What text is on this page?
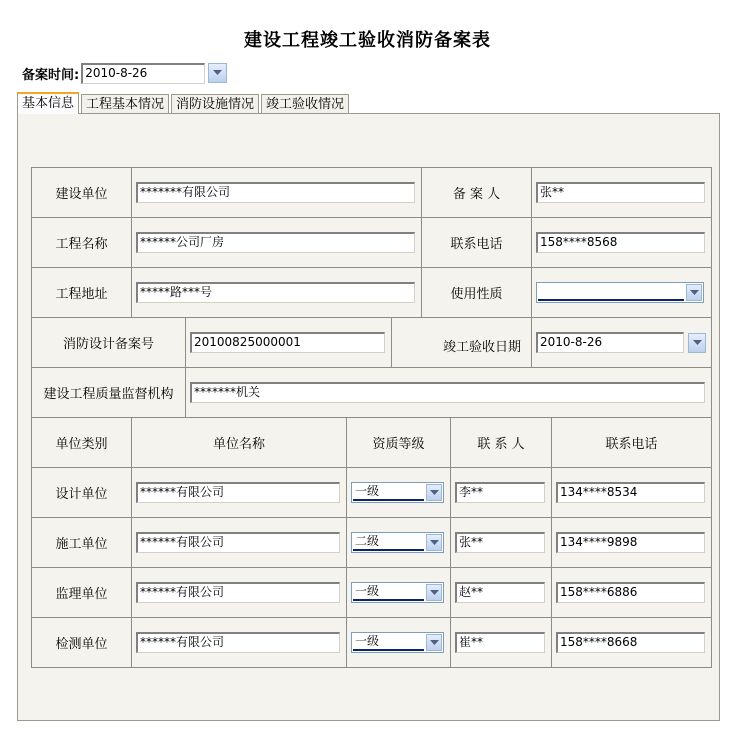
建设工程竣工验收消防备案表
备案时间: 2010-8-26
基本信息 工程基本情况 消防设施情况 竣工验收情况
建设单位	*******有限公司	备 案 人	张**
工程名称	******公司厂房	联系电话	158****8568
工程地址	*****路***号	使用性质
消防设计备案号	20100825000001	竣工验收日期	2010-8-26
建设工程质量监督机构	*******机关
单位类别	单位名称	资质等级	联 系 人	联系电话
设计单位	******有限公司	一级	李**	134****8534
施工单位	******有限公司	二级	张**	134****9898
监理单位	******有限公司	一级	赵**	158****6886
检测单位	******有限公司	一级	崔**	158****8668
